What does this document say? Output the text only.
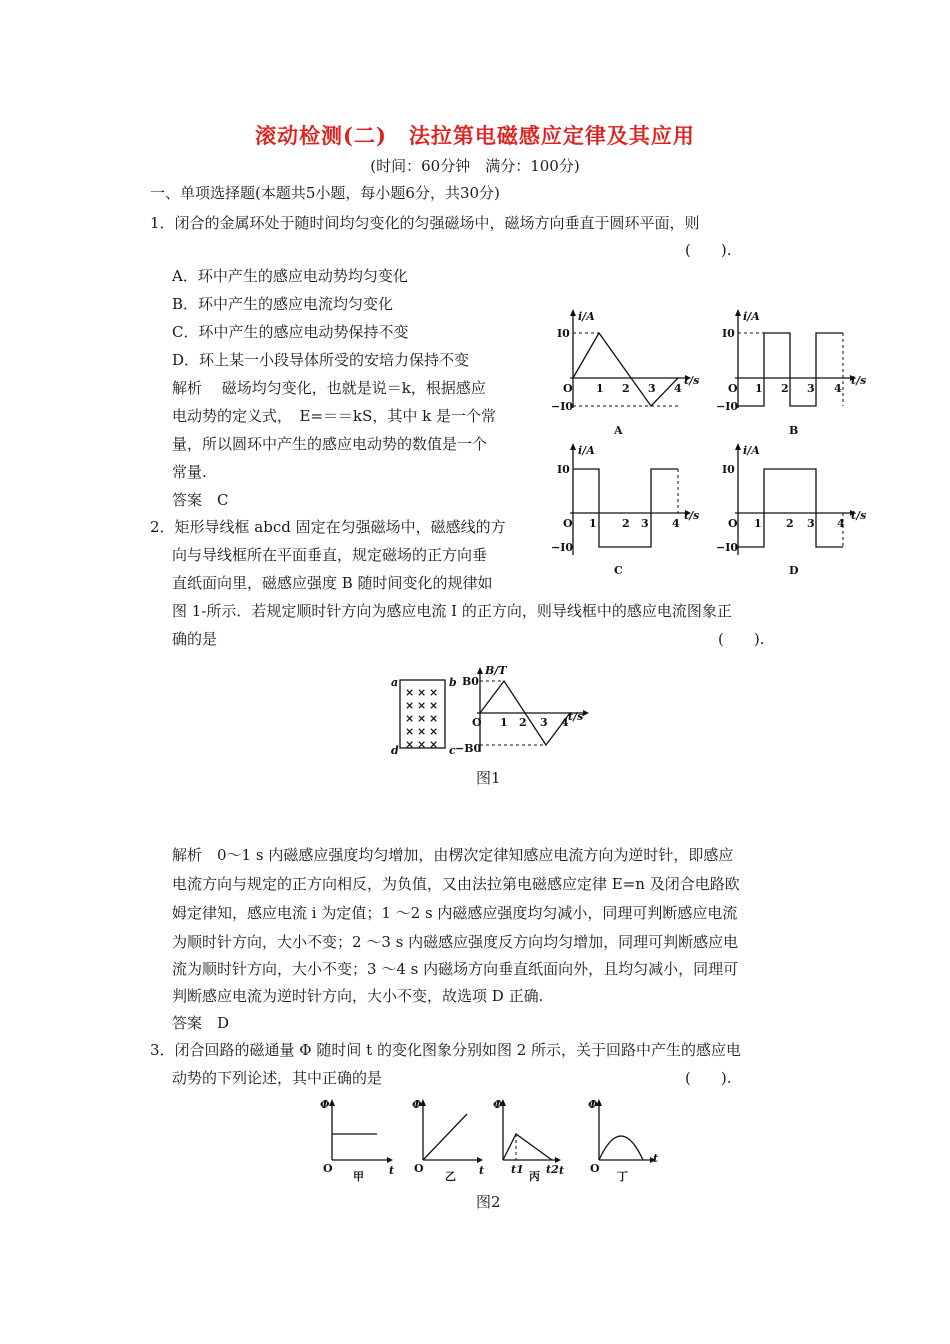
滚动检测(二)　法拉第电磁感应定律及其应用
(时间：60分钟　满分：100分)
一、单项选择题(本题共5小题，每小题6分，共30分)
1．闭合的金属环处于随时间均匀变化的匀强磁场中，磁场方向垂直于圆环平面，则
(　　).
A．环中产生的感应电动势均匀变化
B．环中产生的感应电流均匀变化
C．环中产生的感应电动势保持不变
D．环上某一小段导体所受的安培力保持不变
解析　 磁场均匀变化，也就是说＝k，根据感应
电动势的定义式，　E=＝＝kS，其中 k 是一个常
量，所以圆环中产生的感应电动势的数值是一个
常量.
答案　C
2．矩形导线框 abcd 固定在匀强磁场中，磁感线的方
向与导线框所在平面垂直，规定磁场的正方向垂
直纸面向里，磁感应强度 B 随时间变化的规律如
图 1-所示．若规定顺时针方向为感应电流 I 的正方向，则导线框中的感应电流图象正
确的是	(　　).
i/A
I0
−I0
O 1 2 3 4
t/s
A
i/A
I0
−I0
O 1 2 3 4
t/s
B
i/A
I0
−I0
O 1 2 3 4
t/s
C
i/A
I0
−I0
O 1 2 3 4
t/s
D
a	b
c
d
× × ×
× × ×
× × ×
× × ×
× × ×
B/T
B0
−B0
O 1 2 3 4 t/s
图1
解析　0～1 s 内磁感应强度均匀增加，由楞次定律知感应电流方向为逆时针，即感应
电流方向与规定的正方向相反，为负值，又由法拉第电磁感应定律 E=n 及闭合电路欧
姆定律知，感应电流 i 为定值；1 ～2 s 内磁感应强度均匀减小，同理可判断感应电流
为顺时针方向，大小不变；2 ～3 s 内磁感应强度反方向均匀增加，同理可判断感应电
流为顺时针方向，大小不变；3 ～4 s 内磁场方向垂直纸面向外，且均匀减小，同理可
判断感应电流为逆时针方向，大小不变，故选项 D 正确.
答案　D
3．闭合回路的磁通量 Φ 随时间 t 的变化图象分别如图 2 所示，关于回路中产生的感应电
动势的下列论述，其中正确的是	(　　).
Φ
O	t
甲
Φ
O	t
乙
Φ
t1 t2 t
丙
Φ
O
t
丁
图2
